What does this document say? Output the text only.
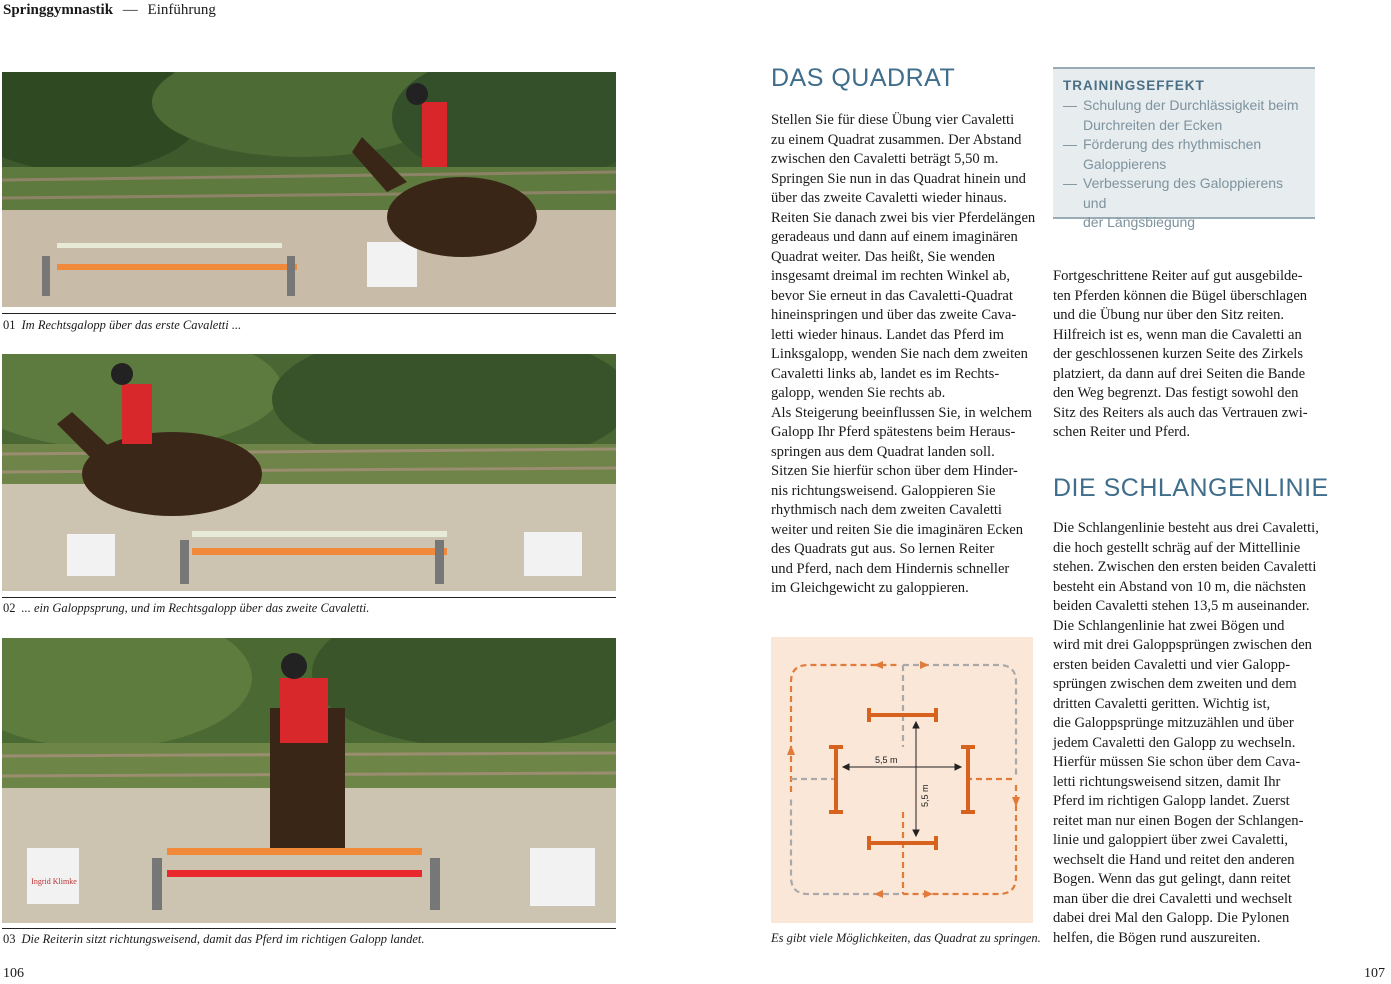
Springgymnastik — Einführung
01 Im Rechtsgalopp über das erste Cavaletti ...
02 ... ein Galoppsprung, und im Rechtsgalopp über das zweite Cavaletti.
Ingrid Klimke
03 Die Reiterin sitzt richtungsweisend, damit das Pferd im richtigen Galopp landet.
DAS QUADRAT
Stellen Sie für diese Übung vier Cavaletti
zu einem Quadrat zusammen. Der Abstand
zwischen den Cavaletti beträgt 5,50 m.
Springen Sie nun in das Quadrat hinein und
über das zweite Cavaletti wieder hinaus.
Reiten Sie danach zwei bis vier Pferdelängen
geradeaus und dann auf einem imaginären
Quadrat weiter. Das heißt, Sie wenden
insgesamt dreimal im rechten Winkel ab,
bevor Sie erneut in das Cavaletti-Quadrat
hineinspringen und über das zweite Cava-
letti wieder hinaus. Landet das Pferd im
Linksgalopp, wenden Sie nach dem zweiten
Cavaletti links ab, landet es im Rechts-
galopp, wenden Sie rechts ab.
Als Steigerung beeinflussen Sie, in welchem
Galopp Ihr Pferd spätestens beim Heraus-
springen aus dem Quadrat landen soll.
Sitzen Sie hierfür schon über dem Hinder-
nis richtungsweisend. Galoppieren Sie
rhythmisch nach dem zweiten Cavaletti
weiter und reiten Sie die imaginären Ecken
des Quadrats gut aus. So lernen Reiter
und Pferd, nach dem Hindernis schneller
im Gleichgewicht zu galoppieren.
5,5 m
5,5 m
Es gibt viele Möglichkeiten, das Quadrat zu springen.
TRAININGSEFFEKT
— Schulung der Durchlässigkeit beim
Durchreiten der Ecken
— Förderung des rhythmischen
Galoppierens
— Verbesserung des Galoppierens und
der Längsbiegung
Fortgeschrittene Reiter auf gut ausgebilde-
ten Pferden können die Bügel überschlagen
und die Übung nur über den Sitz reiten.
Hilfreich ist es, wenn man die Cavaletti an
der geschlossenen kurzen Seite des Zirkels
platziert, da dann auf drei Seiten die Bande
den Weg begrenzt. Das festigt sowohl den
Sitz des Reiters als auch das Vertrauen zwi-
schen Reiter und Pferd.
DIE SCHLANGENLINIE
Die Schlangenlinie besteht aus drei Cavaletti,
die hoch gestellt schräg auf der Mittellinie
stehen. Zwischen den ersten beiden Cavaletti
besteht ein Abstand von 10 m, die nächsten
beiden Cavaletti stehen 13,5 m auseinander.
Die Schlangenlinie hat zwei Bögen und
wird mit drei Galoppsprüngen zwischen den
ersten beiden Cavaletti und vier Galopp-
sprüngen zwischen dem zweiten und dem
dritten Cavaletti geritten. Wichtig ist,
die Galoppsprünge mitzuzählen und über
jedem Cavaletti den Galopp zu wechseln.
Hierfür müssen Sie schon über dem Cava-
letti richtungsweisend sitzen, damit Ihr
Pferd im richtigen Galopp landet. Zuerst
reitet man nur einen Bogen der Schlangen-
linie und galoppiert über zwei Cavaletti,
wechselt die Hand und reitet den anderen
Bogen. Wenn das gut gelingt, dann reitet
man über die drei Cavaletti und wechselt
dabei drei Mal den Galopp. Die Pylonen
helfen, die Bögen rund auszureiten.
106	107
